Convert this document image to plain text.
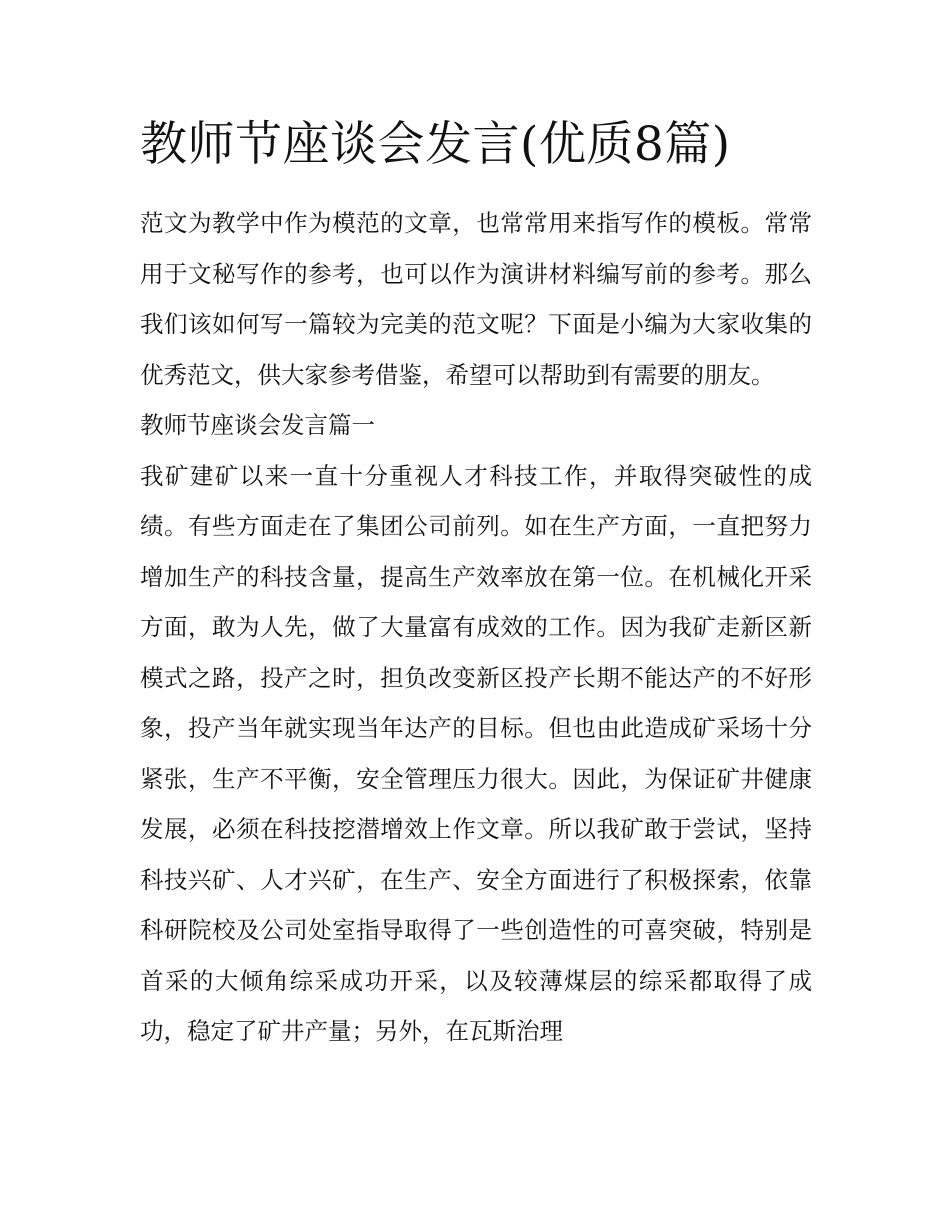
教师节座谈会发言(优质8篇)

范文为教学中作为模范的文章，也常常用来指写作的模板。常常用于文秘写作的参考，也可以作为演讲材料编写前的参考。那么我们该如何写一篇较为完美的范文呢？下面是小编为大家收集的优秀范文，供大家参考借鉴，希望可以帮助到有需要的朋友。

教师节座谈会发言篇一

我矿建矿以来一直十分重视人才科技工作，并取得突破性的成绩。有些方面走在了集团公司前列。如在生产方面，一直把努力增加生产的科技含量，提高生产效率放在第一位。在机械化开采方面，敢为人先，做了大量富有成效的工作。因为我矿走新区新模式之路，投产之时，担负改变新区投产长期不能达产的不好形象，投产当年就实现当年达产的目标。但也由此造成矿采场十分紧张，生产不平衡，安全管理压力很大。因此，为保证矿井健康发展，必须在科技挖潜增效上作文章。所以我矿敢于尝试，坚持科技兴矿、人才兴矿，在生产、安全方面进行了积极探索，依靠科研院校及公司处室指导取得了一些创造性的可喜突破，特别是首采的大倾角综采成功开采，以及较薄煤层的综采都取得了成功，稳定了矿井产量；另外，在瓦斯治理
